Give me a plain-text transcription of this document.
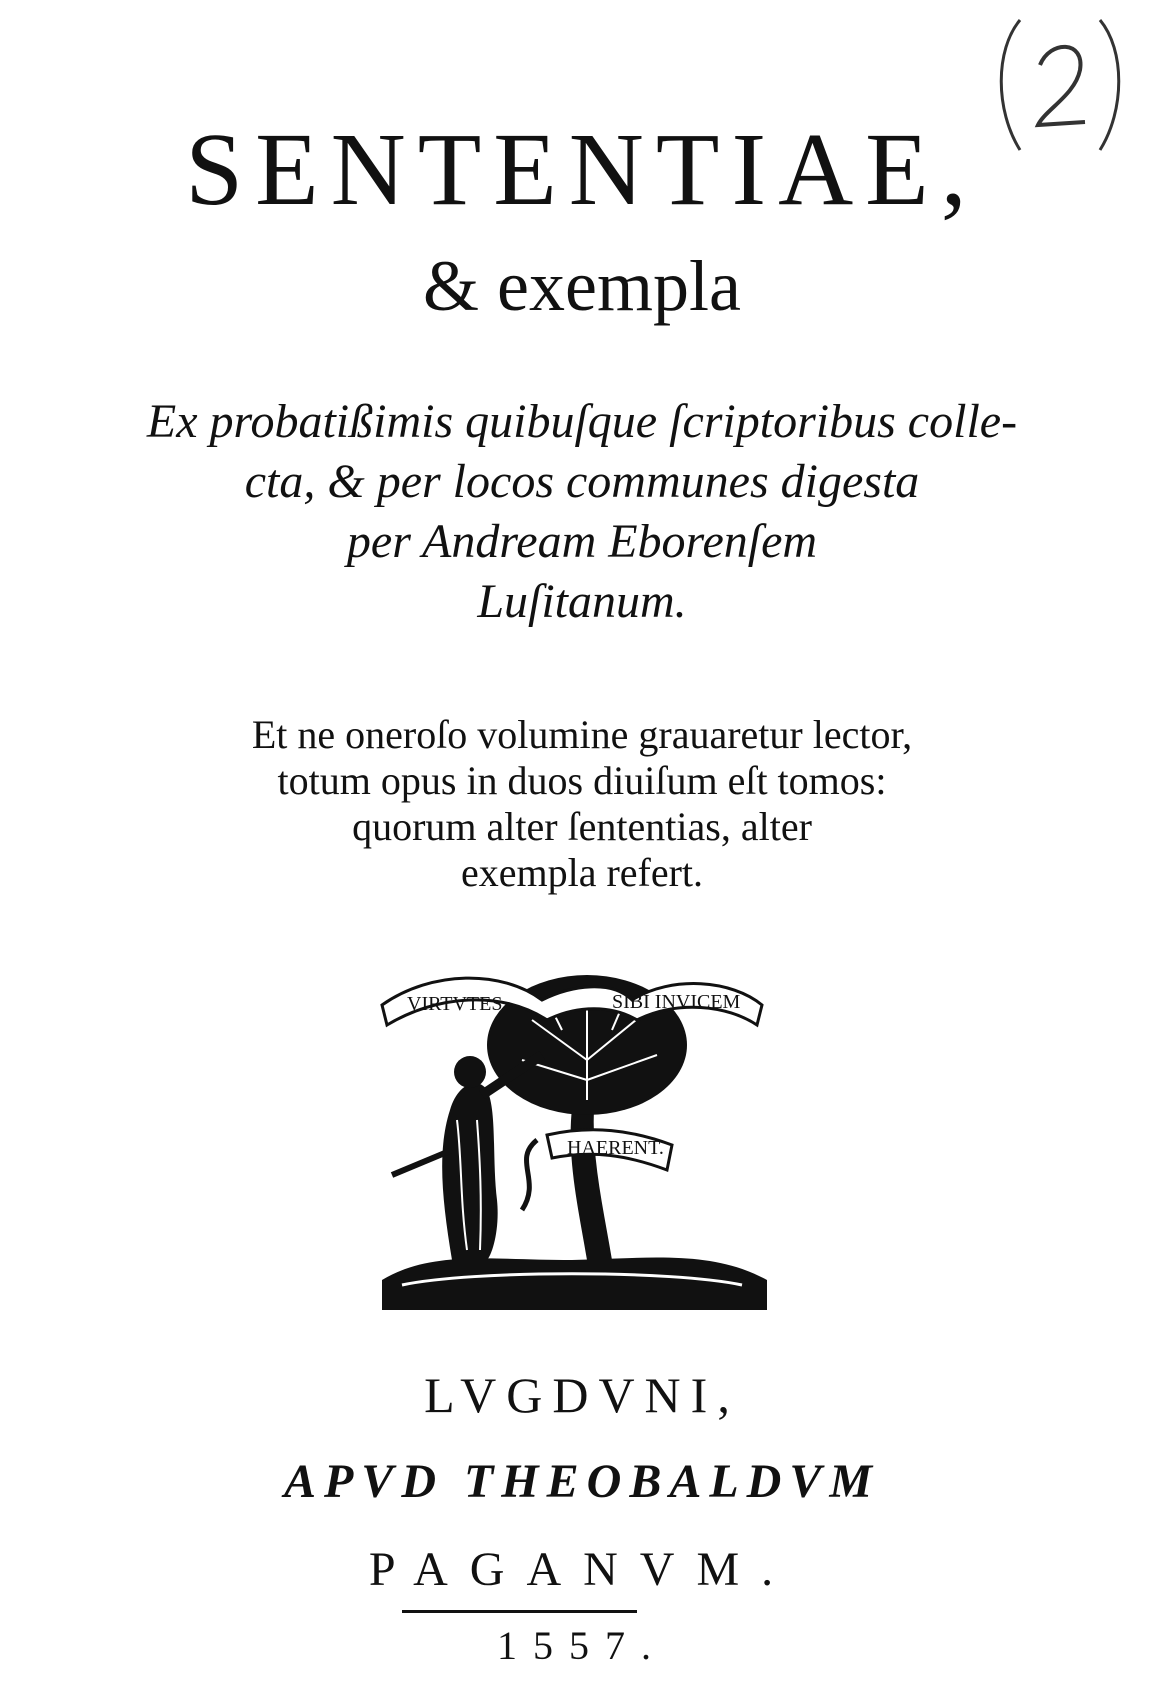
SENTENTIAE,
& exempla
Ex probatißimis quibuſque ſcriptoribus colle-
cta, & per locos communes digesta
per Andream Eborenſem
Luſitanum.
Et ne oneroſo volumine grauaretur lector,
totum opus in duos diuiſum eſt tomos:
quorum alter ſententias, alter
exempla refert.
VIRTVTES	SIBI INVICEM
HAERENT.
LVGDVNI,
APVD THEOBALDVM
PAGANVM.
1557.
